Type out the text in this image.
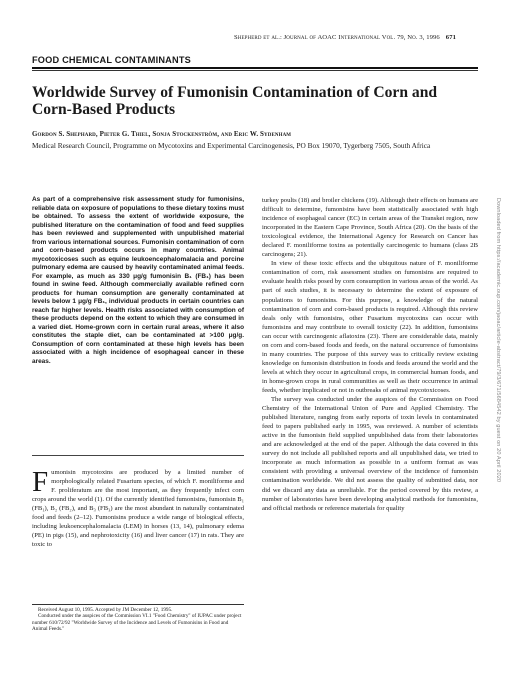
Shepherd et al.: Journal of AOAC International Vol. 79, No. 3, 1996 671
FOOD CHEMICAL CONTAMINANTS
Worldwide Survey of Fumonisin Contamination of Corn and Corn-Based Products

Gordon S. Shephard, Pieter G. Thiel, Sonja Stockenström, and Eric W. Sydenham

Medical Research Council, Programme on Mycotoxins and Experimental Carcinogenesis, PO Box 19070, Tygerberg 7505, South Africa

As part of a comprehensive risk assessment study for fumonisins, reliable data on exposure of populations to these dietary toxins must be obtained. To assess the extent of worldwide exposure, the published literature on the contamination of food and feed supplies has been reviewed and supplemented with unpublished material from various international sources. Fumonisin contamination of corn and corn-based products occurs in many countries. Animal mycotoxicoses such as equine leukoencephalomalacia and porcine pulmonary edema are caused by heavily contaminated animal feeds. For example, as much as 330 μg/g fumonisin B₁ (FB₁) has been found in swine feed. Although commercially available refined corn products for human consumption are generally contaminated at levels below 1 μg/g FB₁, individual products in certain countries can reach far higher levels. Health risks associated with consumption of these products depend on the extent to which they are consumed in a varied diet. Home-grown corn in certain rural areas, where it also constitutes the staple diet, can be contaminated at >100 μg/g. Consumption of corn contaminated at these high levels has been associated with a high incidence of esophageal cancer in these areas.

Fumonisin mycotoxins are produced by a limited number of morphologically related Fusarium species, of which F. moniliforme and F. proliferatum are the most important, as they frequently infect corn crops around the world (1). Of the currently identified fumonisins, fumonisin B₁ (FB₁), B₂ (FB₂), and B₃ (FB₃) are the most abundant in naturally contaminated food and feeds (2–12). Fumonisins produce a wide range of biological effects, including leukoencephalomalacia (LEM) in horses (13, 14), pulmonary edema (PE) in pigs (15), and nephrotoxicity (16) and liver cancer (17) in rats. They are toxic to

Received August 10, 1995. Accepted by JM December 12, 1995.
Conducted under the auspices of the Commission VI.1 "Food Chemistry" of IUPAC under project number 610/72/92 "Worldwide Survey of the Incidence and Levels of Fumonisins in Food and Animal Feeds."

turkey poults (18) and broiler chickens (19). Although their effects on humans are difficult to determine, fumonisins have been statistically associated with high incidence of esophageal cancer (EC) in certain areas of the Transkei region, now incorporated in the Eastern Cape Province, South Africa (20). On the basis of the toxicological evidence, the International Agency for Research on Cancer has declared F. moniliforme toxins as potentially carcinogenic to humans (class 2B carcinogens; 21).

In view of these toxic effects and the ubiquitous nature of F. moniliforme contamination of corn, risk assessment studies on fumonisins are required to evaluate health risks posed by corn consumption in various areas of the world. As part of such studies, it is necessary to determine the extent of exposure of populations to fumonisins. For this purpose, a knowledge of the natural contamination of corn and corn-based products is required. Although this review deals only with fumonisins, other Fusarium mycotoxins can occur with fumonisins and may contribute to overall toxicity (22). In addition, fumonisins can occur with carcinogenic aflatoxins (23). There are considerable data, mainly on corn and corn-based foods and feeds, on the natural occurrence of fumonisins in many countries. The purpose of this survey was to critically review existing knowledge on fumonisin distribution in foods and feeds around the world and the levels at which they occur in agricultural crops, in commercial human foods, and in home-grown crops in rural communities as well as their occurrence in animal feeds, whether implicated or not in outbreaks of animal mycotoxicoses.

The survey was conducted under the auspices of the Commission on Food Chemistry of the International Union of Pure and Applied Chemistry. The published literature, ranging from early reports of toxin levels in contaminated feed to papers published early in 1995, was reviewed. A number of scientists active in the fumonisin field supplied unpublished data from their laboratories and are acknowledged at the end of the paper. Although the data covered in this survey do not include all published reports and all unpublished data, we tried to incorporate as much information as possible in a uniform format as was consistent with providing a universal overview of the incidence of fumonisin contamination worldwide. We did not assess the quality of submitted data, nor did we discard any data as unreliable. For the period covered by this review, a number of laboratories have been developing analytical methods for fumonisins, and official methods or reference materials for quality

Downloaded from https://academic.oup.com/jaoac/article-abstract/79/3/671/5684542 by guest on 20 April 2020
